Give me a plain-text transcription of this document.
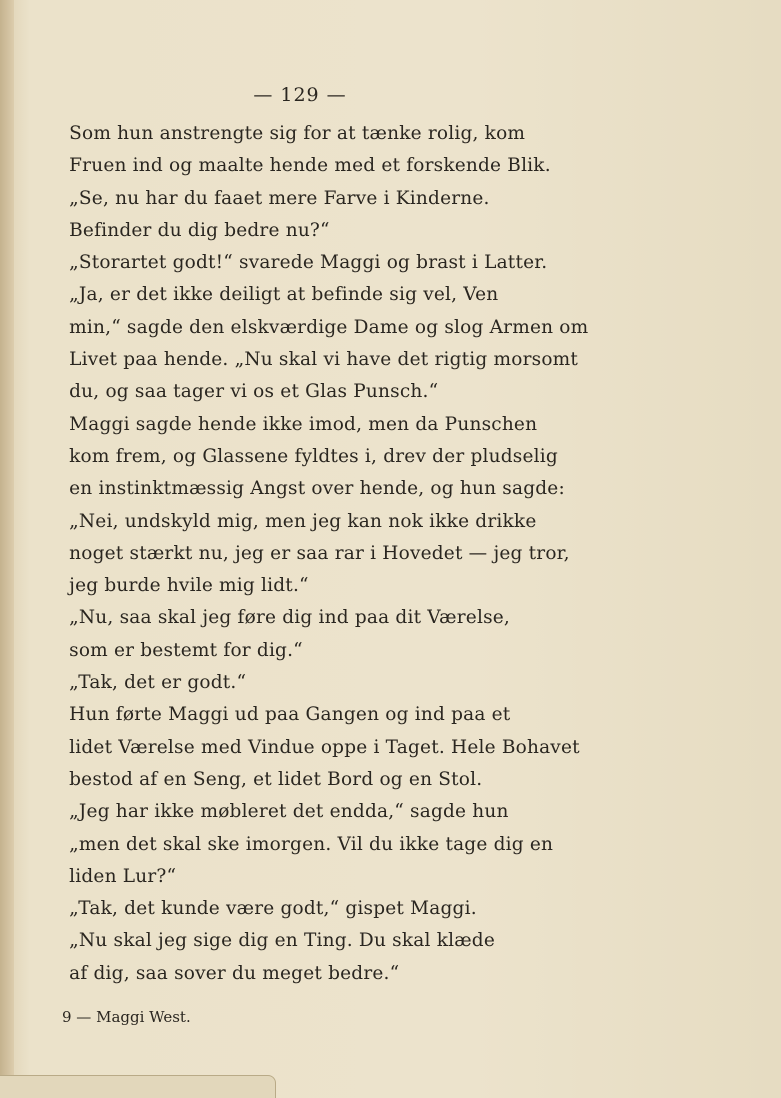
— 129 —

Som hun anstrengte sig for at tænke rolig, kom
Fruen ind og maalte hende med et forskende Blik.

„Se, nu har du faaet mere Farve i Kinderne.
Befinder du dig bedre nu?“

„Storartet godt!“ svarede Maggi og brast i Latter.

„Ja, er det ikke deiligt at befinde sig vel, Ven
min,“ sagde den elskværdige Dame og slog Armen om
Livet paa hende. „Nu skal vi have det rigtig morsomt
du, og saa tager vi os et Glas Punsch.“

Maggi sagde hende ikke imod, men da Punschen
kom frem, og Glassene fyldtes i, drev der pludselig
en instinktmæssig Angst over hende, og hun sagde:

„Nei, undskyld mig, men jeg kan nok ikke drikke
noget stærkt nu, jeg er saa rar i Hovedet — jeg tror,
jeg burde hvile mig lidt.“

„Nu, saa skal jeg føre dig ind paa dit Værelse,
som er bestemt for dig.“

„Tak, det er godt.“

Hun førte Maggi ud paa Gangen og ind paa et
lidet Værelse med Vindue oppe i Taget. Hele Bohavet
bestod af en Seng, et lidet Bord og en Stol.

„Jeg har ikke møbleret det endda,“ sagde hun
„men det skal ske imorgen. Vil du ikke tage dig en
liden Lur?“

„Tak, det kunde være godt,“ gispet Maggi.

„Nu skal jeg sige dig en Ting. Du skal klæde
af dig, saa sover du meget bedre.“

9 — Maggi West.
